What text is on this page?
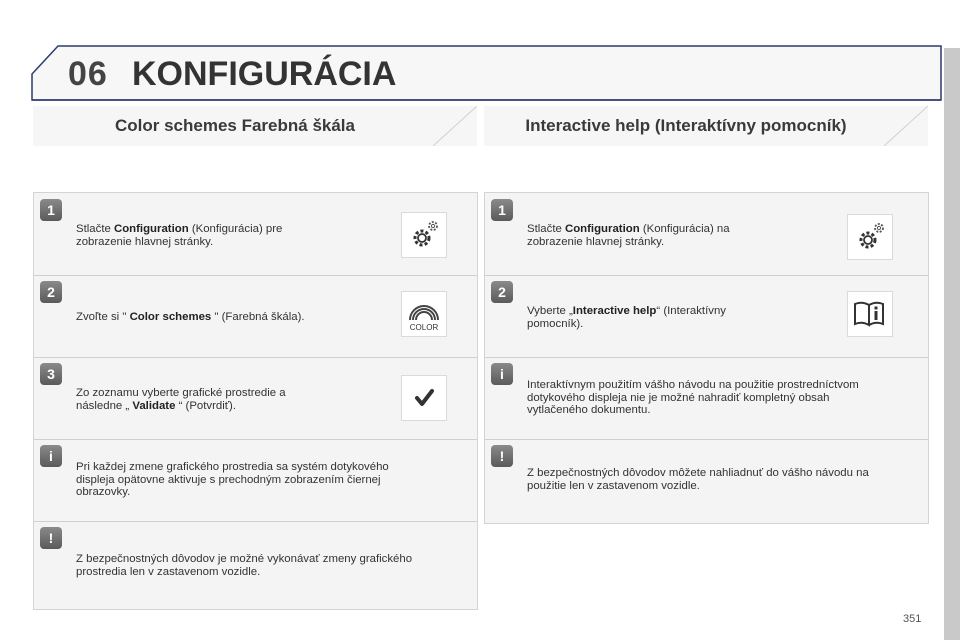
06 KONFIGURÁCIA
Color schemes Farebná škála	Interactive help (Interaktívny pomocník)
1
Stlačte Configuration (Konfigurácia) pre
zobrazenie hlavnej stránky.
2
Zvoľte si " Color schemes " (Farebná škála).
COLOR
3
Zo zoznamu vyberte grafické prostredie a
následne „ Validate “ (Potvrdiť).
i
Pri každej zmene grafického prostredia sa systém dotykového
displeja opätovne aktivuje s prechodným zobrazením čiernej
obrazovky.
!
Z bezpečnostných dôvodov je možné vykonávať zmeny grafického
prostredia len v zastavenom vozidle.
1
Stlačte Configuration (Konfigurácia) na
zobrazenie hlavnej stránky.
2
Vyberte „Interactive help“ (Interaktívny
pomocník).
i
Interaktívnym použitím vášho návodu na použitie prostredníctvom
dotykového displeja nie je možné nahradiť kompletný obsah
vytlačeného dokumentu.
!
Z bezpečnostných dôvodov môžete nahliadnuť do vášho návodu na
použitie len v zastavenom vozidle.
351
